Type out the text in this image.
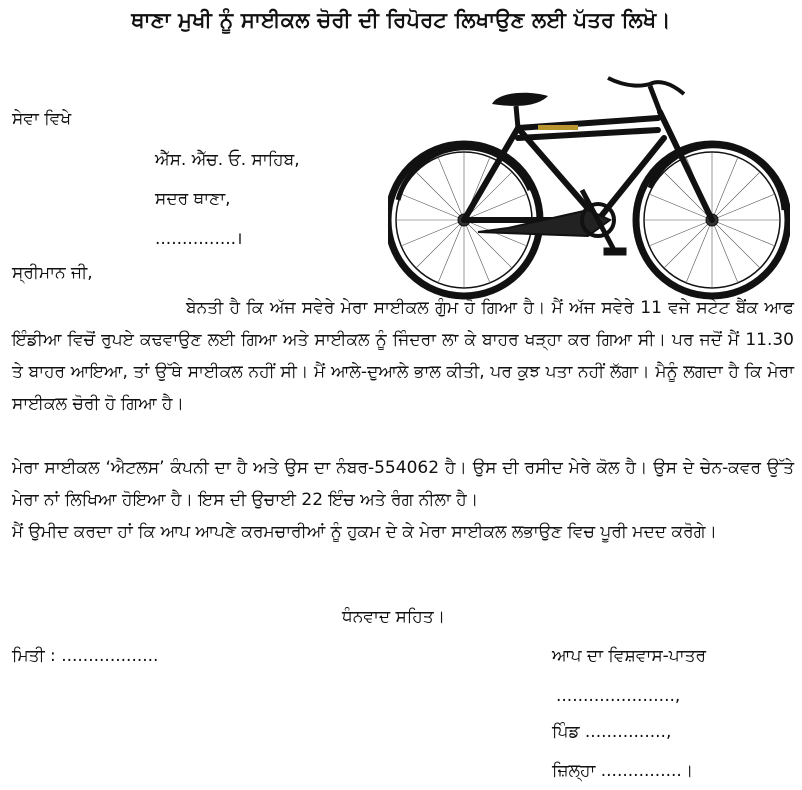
ਥਾਣਾ ਮੁਖੀ ਨੂੰ ਸਾਈਕਲ ਚੋਰੀ ਦੀ ਰਿਪੋਰਟ ਲਿਖਾਉਣ ਲਈ ਪੱਤਰ ਲਿਖੋ।
ਸੇਵਾ ਵਿਖੇ
ਐੱਸ. ਐੱਚ. ਓ. ਸਾਹਿਬ,
ਸਦਰ ਥਾਣਾ,
...............।
ਸ੍ਰੀਮਾਨ ਜੀ,
ਬੇਨਤੀ ਹੈ ਕਿ ਅੱਜ ਸਵੇਰੇ ਮੇਰਾ ਸਾਈਕਲ ਗੁੰਮ ਹੋ ਗਿਆ ਹੈ। ਮੈਂ ਅੱਜ ਸਵੇਰੇ 11 ਵਜੇ ਸਟੇਟ ਬੈਂਕ ਆਫ ਇੰਡੀਆ ਵਿਚੋਂ ਰੁਪਏ ਕਢਵਾਉਣ ਲਈ ਗਿਆ ਅਤੇ ਸਾਈਕਲ ਨੂੰ ਜਿੰਦਰਾ ਲਾ ਕੇ ਬਾਹਰ ਖੜ੍ਹਾ ਕਰ ਗਿਆ ਸੀ। ਪਰ ਜਦੋਂ ਮੈਂ 11.30 ਤੇ ਬਾਹਰ ਆਇਆ, ਤਾਂ ਉੱਥੇ ਸਾਈਕਲ ਨਹੀਂ ਸੀ। ਮੈਂ ਆਲੇ-ਦੁਆਲੇ ਭਾਲ ਕੀਤੀ, ਪਰ ਕੁਝ ਪਤਾ ਨਹੀਂ ਲੱਗਾ। ਮੈਨੂੰ ਲਗਦਾ ਹੈ ਕਿ ਮੇਰਾ ਸਾਈਕਲ ਚੋਰੀ ਹੋ ਗਿਆ ਹੈ।
ਮੇਰਾ ਸਾਈਕਲ ‘ਐਟਲਸ’ ਕੰਪਨੀ ਦਾ ਹੈ ਅਤੇ ਉਸ ਦਾ ਨੰਬਰ-554062 ਹੈ। ਉਸ ਦੀ ਰਸੀਦ ਮੇਰੇ ਕੋਲ ਹੈ। ਉਸ ਦੇ ਚੇਨ-ਕਵਰ ਉੱਤੇ ਮੇਰਾ ਨਾਂ ਲਿਖਿਆ ਹੋਇਆ ਹੈ। ਇਸ ਦੀ ਉਚਾਈ 22 ਇੰਚ ਅਤੇ ਰੰਗ ਨੀਲਾ ਹੈ।
ਮੈਂ ਉਮੀਦ ਕਰਦਾ ਹਾਂ ਕਿ ਆਪ ਆਪਣੇ ਕਰਮਚਾਰੀਆਂ ਨੂੰ ਹੁਕਮ ਦੇ ਕੇ ਮੇਰਾ ਸਾਈਕਲ ਲਭਾਉਣ ਵਿਚ ਪੂਰੀ ਮਦਦ ਕਰੋਗੇ।
ਧੰਨਵਾਦ ਸਹਿਤ।
ਮਿਤੀ : ..................	ਆਪ ਦਾ ਵਿਸ਼ਵਾਸ-ਪਾਤਰ
......................,
ਪਿੰਡ ...............,
ਜ਼ਿਲ੍ਹਾ ...............।
